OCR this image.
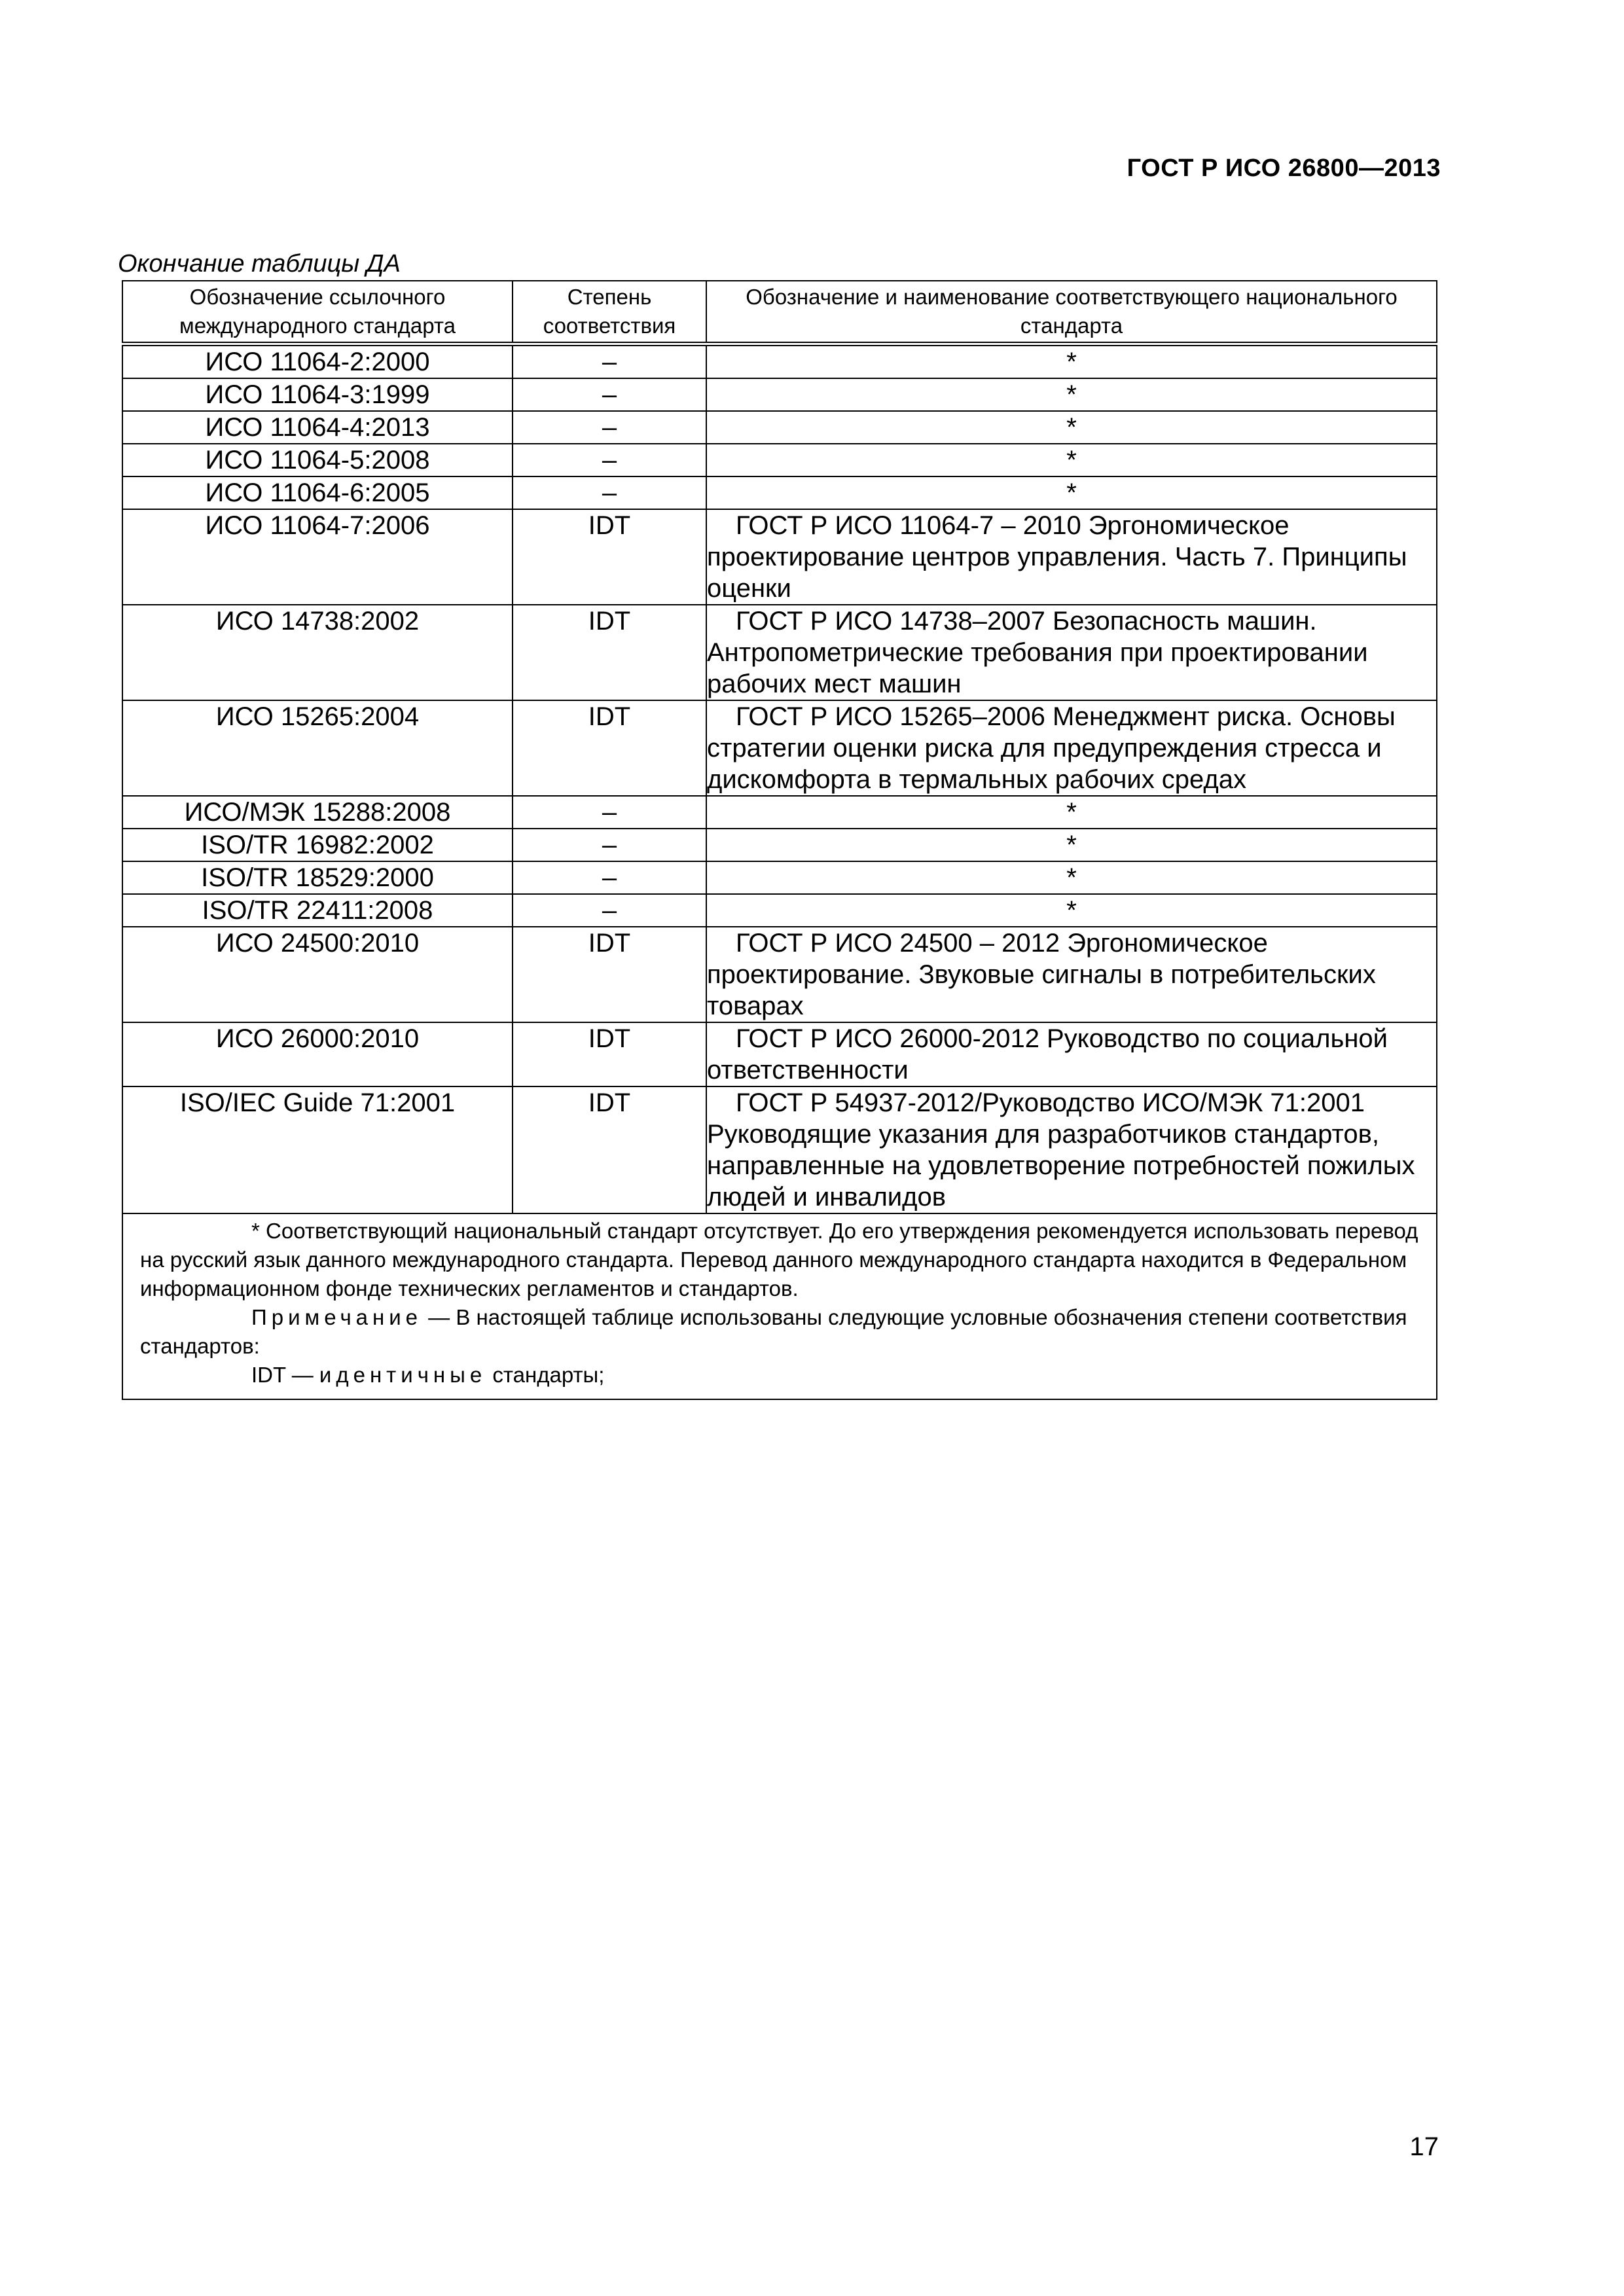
ГОСТ Р ИСО 26800—2013
Окончание таблицы ДА
Обозначение ссылочного международного стандарта	Степень соответствия	Обозначение и наименование соответствующего национального стандарта
ИСО 11064-2:2000	–	*
ИСО 11064-3:1999	–	*
ИСО 11064-4:2013	–	*
ИСО 11064-5:2008	–	*
ИСО 11064-6:2005	–	*
ИСО 11064-7:2006	IDT	ГОСТ Р ИСО 11064-7 – 2010 Эргономическое проектирование центров управления. Часть 7. Принципы оценки
ИСО 14738:2002	IDT	ГОСТ Р ИСО 14738–2007 Безопасность машин. Антропометрические требования при проектировании рабочих мест машин
ИСО 15265:2004	IDT	ГОСТ Р ИСО 15265–2006 Менеджмент риска. Основы стратегии оценки риска для предупреждения стресса и дискомфорта в термальных рабочих средах
ИСО/МЭК 15288:2008	–	*
ISO/TR 16982:2002	–	*
ISO/TR 18529:2000	–	*
ISO/TR 22411:2008	–	*
ИСО 24500:2010	IDT	ГОСТ Р ИСО 24500 – 2012 Эргономическое проектирование. Звуковые сигналы в потребительских товарах
ИСО 26000:2010	IDT	ГОСТ Р ИСО 26000-2012 Руководство по социальной ответственности
ISO/IEC Guide 71:2001	IDT	ГОСТ Р 54937-2012/Руководство ИСО/МЭК 71:2001 Руководящие указания для разработчиков стандартов, направленные на удовлетворение потребностей пожилых людей и инвалидов

* Соответствующий национальный стандарт отсутствует. До его утверждения рекомендуется использовать перевод на русский язык данного международного стандарта. Перевод данного международного стандарта находится в Федеральном информационном фонде технических регламентов и стандартов.

Примечание — В настоящей таблице использованы следующие условные обозначения степени соответствия стандартов:

IDT — идентичные стандарты;		

17
